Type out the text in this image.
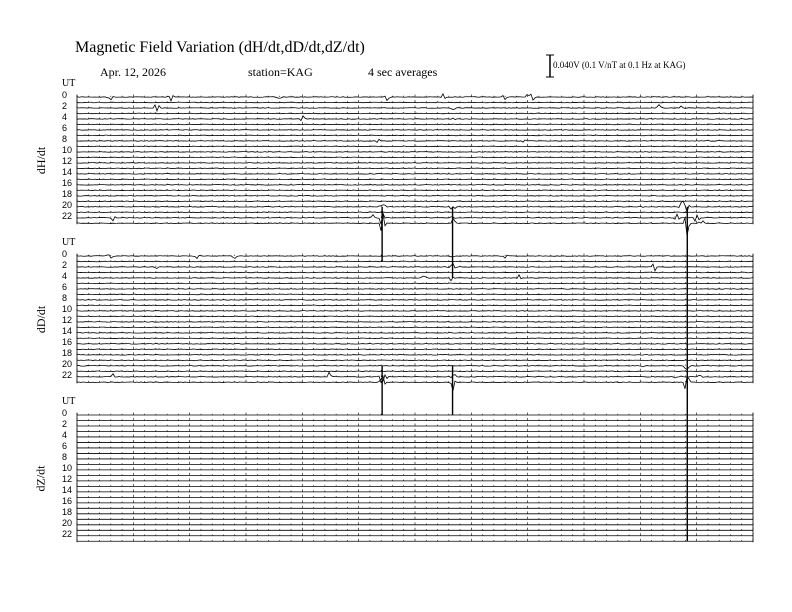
Magnetic Field Variation (dH/dt,dD/dt,dZ/dt)
Apr. 12, 2026	station=KAG	4 sec averages	0.040V (0.1 V/nT at 0.1 Hz at KAG)
UT
dH/dt
0
2
4
6
8
10
12
14
16
18
20
22
UT
dD/dt
0
2
4
6
8
10
12
14
16
18
20
22
UT
dZ/dt
0
2
4
6
8
10
12
14
16
18
20
22
